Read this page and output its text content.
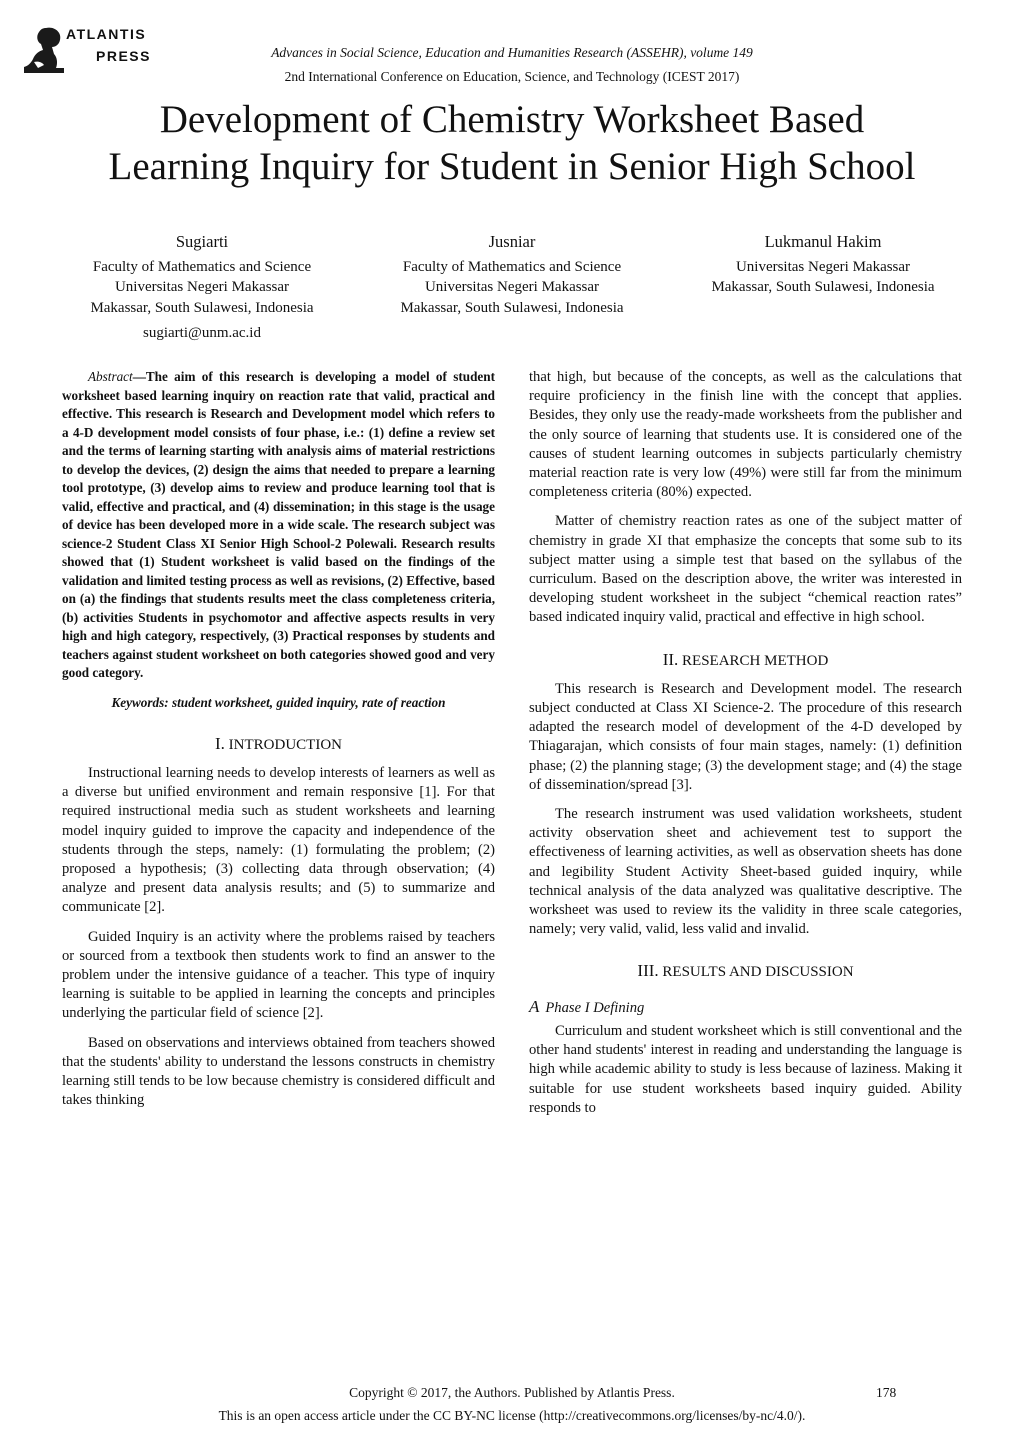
ATLANTIS
PRESS	Advances in Social Science, Education and Humanities Research (ASSEHR), volume 149
2nd International Conference on Education, Science, and Technology (ICEST 2017)
Development of Chemistry Worksheet Based
Learning Inquiry for Student in Senior High School
Sugiarti
Faculty of Mathematics and Science
Universitas Negeri Makassar
Makassar, South Sulawesi, Indonesia
sugiarti@unm.ac.id
Jusniar
Faculty of Mathematics and Science
Universitas Negeri Makassar
Makassar, South Sulawesi, Indonesia
Lukmanul Hakim
Universitas Negeri Makassar
Makassar, South Sulawesi, Indonesia

Abstract—The aim of this research is developing a model of student worksheet based learning inquiry on reaction rate that valid, practical and effective. This research is Research and Development model which refers to a 4-D development model consists of four phase, i.e.: (1) define a review set and the terms of learning starting with analysis aims of material restrictions to develop the devices, (2) design the aims that needed to prepare a learning tool prototype, (3) develop aims to review and produce learning tool that is valid, effective and practical, and (4) dissemination; in this stage is the usage of device has been developed more in a wide scale. The research subject was science-2 Student Class XI Senior High School-2 Polewali. Research results showed that (1) Student worksheet is valid based on the findings of the validation and limited testing process as well as revisions, (2) Effective, based on (a) the findings that students results meet the class completeness criteria, (b) activities Students in psychomotor and affective aspects results in very high and high category, respectively, (3) Practical responses by students and teachers against student worksheet on both categories showed good and very good category.

Keywords: student worksheet, guided inquiry, rate of reaction

I. INTRODUCTION

Instructional learning needs to develop interests of learners as well as a diverse but unified environment and remain responsive [1]. For that required instructional media such as student worksheets and learning model inquiry guided to improve the capacity and independence of the students through the steps, namely: (1) formulating the problem; (2) proposed a hypothesis; (3) collecting data through observation; (4) analyze and present data analysis results; and (5) to summarize and communicate [2].

Guided Inquiry is an activity where the problems raised by teachers or sourced from a textbook then students work to find an answer to the problem under the intensive guidance of a teacher. This type of inquiry learning is suitable to be applied in learning the concepts and principles underlying the particular field of science [2].

Based on observations and interviews obtained from teachers showed that the students' ability to understand the lessons constructs in chemistry learning still tends to be low because chemistry is considered difficult and takes thinking

that high, but because of the concepts, as well as the calculations that require proficiency in the finish line with the concept that applies. Besides, they only use the ready-made worksheets from the publisher and the only source of learning that students use. It is considered one of the causes of student learning outcomes in subjects particularly chemistry material reaction rate is very low (49%) were still far from the minimum completeness criteria (80%) expected.

Matter of chemistry reaction rates as one of the subject matter of chemistry in grade XI that emphasize the concepts that some sub to its subject matter using a simple test that based on the syllabus of the curriculum. Based on the description above, the writer was interested in developing student worksheet in the subject “chemical reaction rates” based indicated inquiry valid, practical and effective in high school.

II. RESEARCH METHOD

This research is Research and Development model. The research subject conducted at Class XI Science-2. The procedure of this research adapted the research model of development of the 4-D developed by Thiagarajan, which consists of four main stages, namely: (1) definition phase; (2) the planning stage; (3) the development stage; and (4) the stage of dissemination/spread [3].

The research instrument was used validation worksheets, student activity observation sheet and achievement test to support the effectiveness of learning activities, as well as observation sheets has done and legibility Student Activity Sheet-based guided inquiry, while technical analysis of the data analyzed was qualitative descriptive. The worksheet was used to review its the validity in three scale categories, namely; very valid, valid, less valid and invalid.

III. RESULTS AND DISCUSSION
A Phase I Defining

Curriculum and student worksheet which is still conventional and the other hand students' interest in reading and understanding the language is high while academic ability to study is less because of laziness. Making it suitable for use student worksheets based inquiry guided. Ability responds to

Copyright © 2017, the Authors. Published by Atlantis Press.	178
This is an open access article under the CC BY-NC license (http://creativecommons.org/licenses/by-nc/4.0/).
